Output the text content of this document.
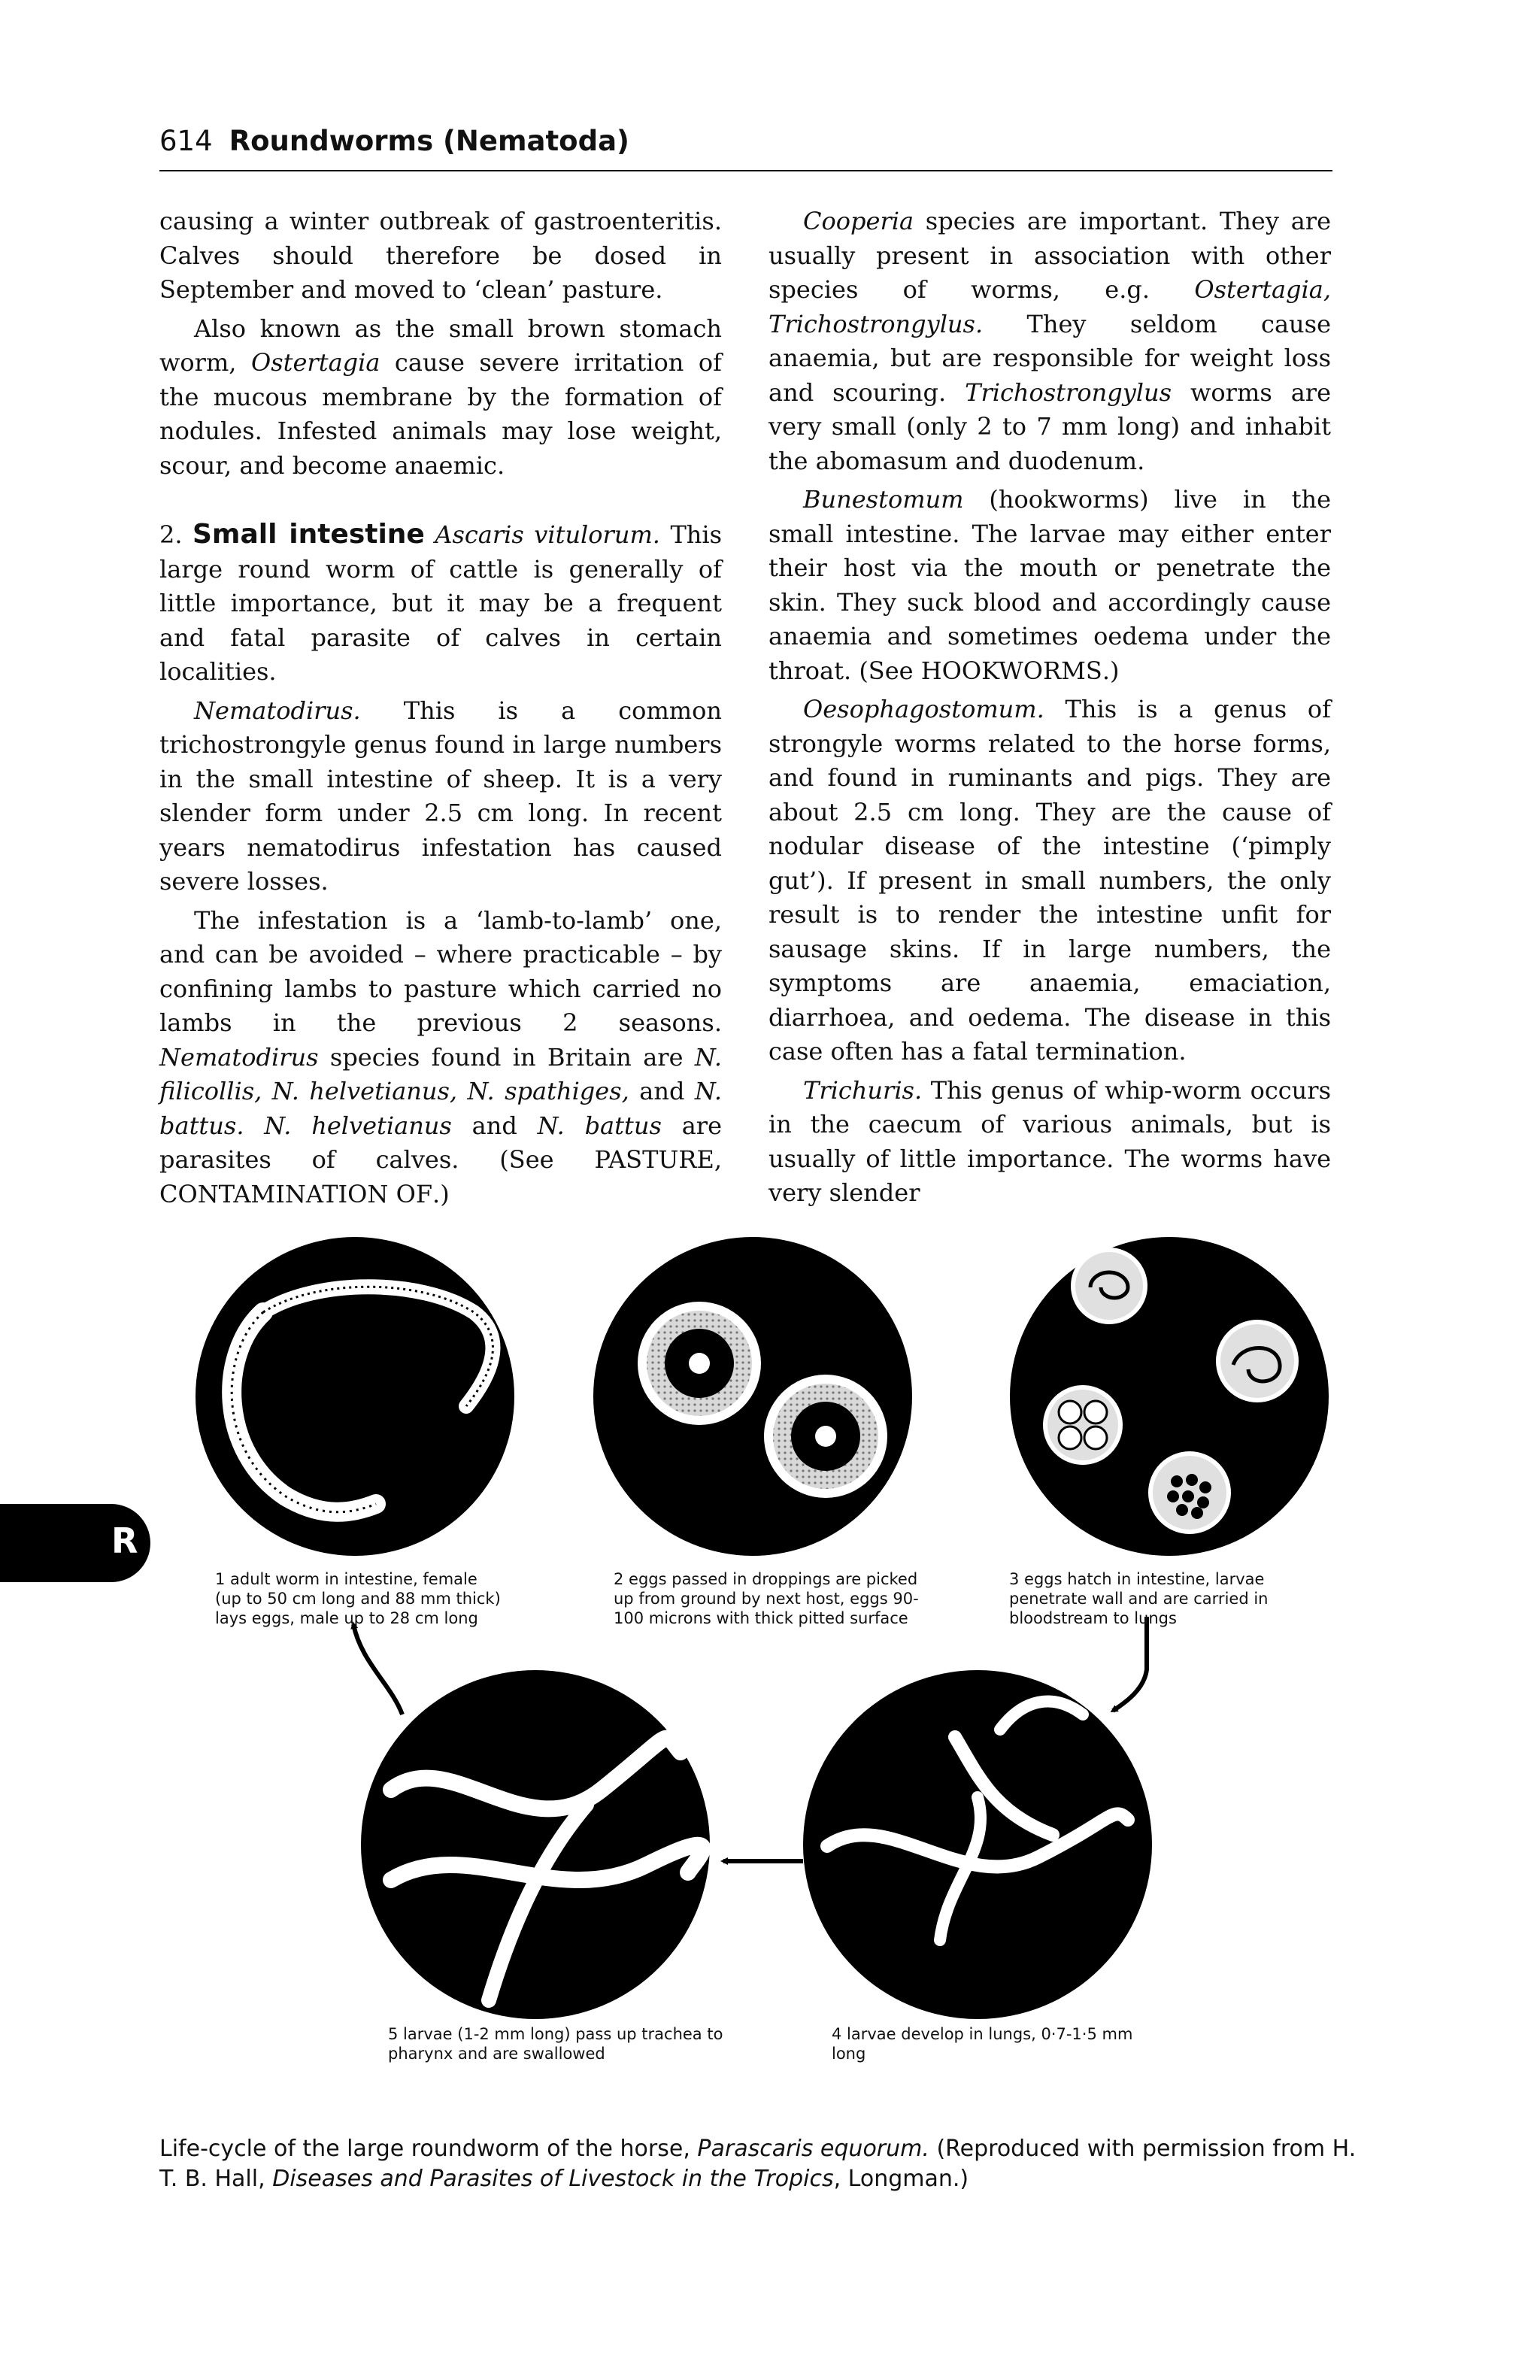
614 Roundworms (Nematoda)

causing a winter outbreak of gastroenteritis. Calves should therefore be dosed in September and moved to ‘clean’ pasture.

Also known as the small brown stomach worm, Ostertagia cause severe irritation of the mucous membrane by the formation of nodules. Infested animals may lose weight, scour, and become anaemic.

2. Small intestine Ascaris vitulorum. This large round worm of cattle is generally of little importance, but it may be a frequent and fatal parasite of calves in certain localities.

Nematodirus. This is a common trichostrongyle genus found in large numbers in the small intestine of sheep. It is a very slender form under 2.5 cm long. In recent years nematodirus infestation has caused severe losses.

The infestation is a ‘lamb-to-lamb’ one, and can be avoided – where practicable – by confining lambs to pasture which carried no lambs in the previous 2 seasons. Nematodirus species found in Britain are N. filicollis, N. helvetianus, N. spathiges, and N. battus. N. helvetianus and N. battus are parasites of calves. (See PASTURE, CONTAMINATION OF.)

Cooperia species are important. They are usually present in association with other species of worms, e.g. Ostertagia, Trichostrongylus. They seldom cause anaemia, but are responsible for weight loss and scouring. Trichostrongylus worms are very small (only 2 to 7 mm long) and inhabit the abomasum and duodenum.

Bunestomum (hookworms) live in the small intestine. The larvae may either enter their host via the mouth or penetrate the skin. They suck blood and accordingly cause anaemia and sometimes oedema under the throat. (See HOOKWORMS.)

Oesophagostomum. This is a genus of strongyle worms related to the horse forms, and found in ruminants and pigs. They are about 2.5 cm long. They are the cause of nodular disease of the intestine (‘pimply gut’). If present in small numbers, the only result is to render the intestine unfit for sausage skins. If in large numbers, the symptoms are anaemia, emaciation, diarrhoea, and oedema. The disease in this case often has a fatal termination.

Trichuris. This genus of whip-worm occurs in the caecum of various animals, but is usually of little importance. The worms have very slender

R
1 adult worm in intestine, female (up to 50 cm long and 88 mm thick) lays eggs, male up to 28 cm long
2 eggs passed in droppings are picked up from ground by next host, eggs 90-100 microns with thick pitted surface
3 eggs hatch in intestine, larvae penetrate wall and are carried in bloodstream to lungs
5 larvae (1-2 mm long) pass up trachea to pharynx and are swallowed
4 larvae develop in lungs, 0·7-1·5 mm long
Life-cycle of the large roundworm of the horse, Parascaris equorum. (Reproduced with permission from H. T. B. Hall, Diseases and Parasites of Livestock in the Tropics, Longman.)
